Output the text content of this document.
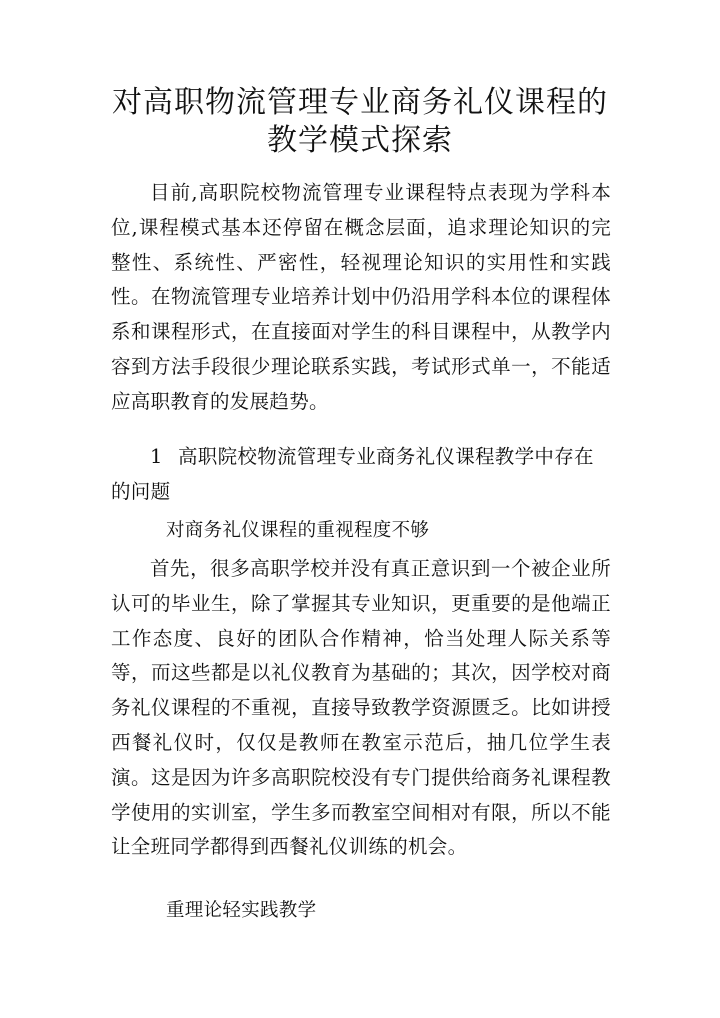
对高职物流管理专业商务礼仪课程的教学模式探索

目前,高职院校物流管理专业课程特点表现为学科本位,课程模式基本还停留在概念层面，追求理论知识的完整性、系统性、严密性，轻视理论知识的实用性和实践性。在物流管理专业培养计划中仍沿用学科本位的课程体系和课程形式，在直接面对学生的科目课程中，从教学内容到方法手段很少理论联系实践，考试形式单一，不能适应高职教育的发展趋势。

1 高职院校物流管理专业商务礼仪课程教学中存在的问题

对商务礼仪课程的重视程度不够

首先，很多高职学校并没有真正意识到一个被企业所认可的毕业生，除了掌握其专业知识，更重要的是他端正工作态度、良好的团队合作精神，恰当处理人际关系等等，而这些都是以礼仪教育为基础的；其次，因学校对商务礼仪课程的不重视，直接导致教学资源匮乏。比如讲授西餐礼仪时，仅仅是教师在教室示范后，抽几位学生表演。这是因为许多高职院校没有专门提供给商务礼课程教学使用的实训室，学生多而教室空间相对有限，所以不能让全班同学都得到西餐礼仪训练的机会。

重理论轻实践教学
